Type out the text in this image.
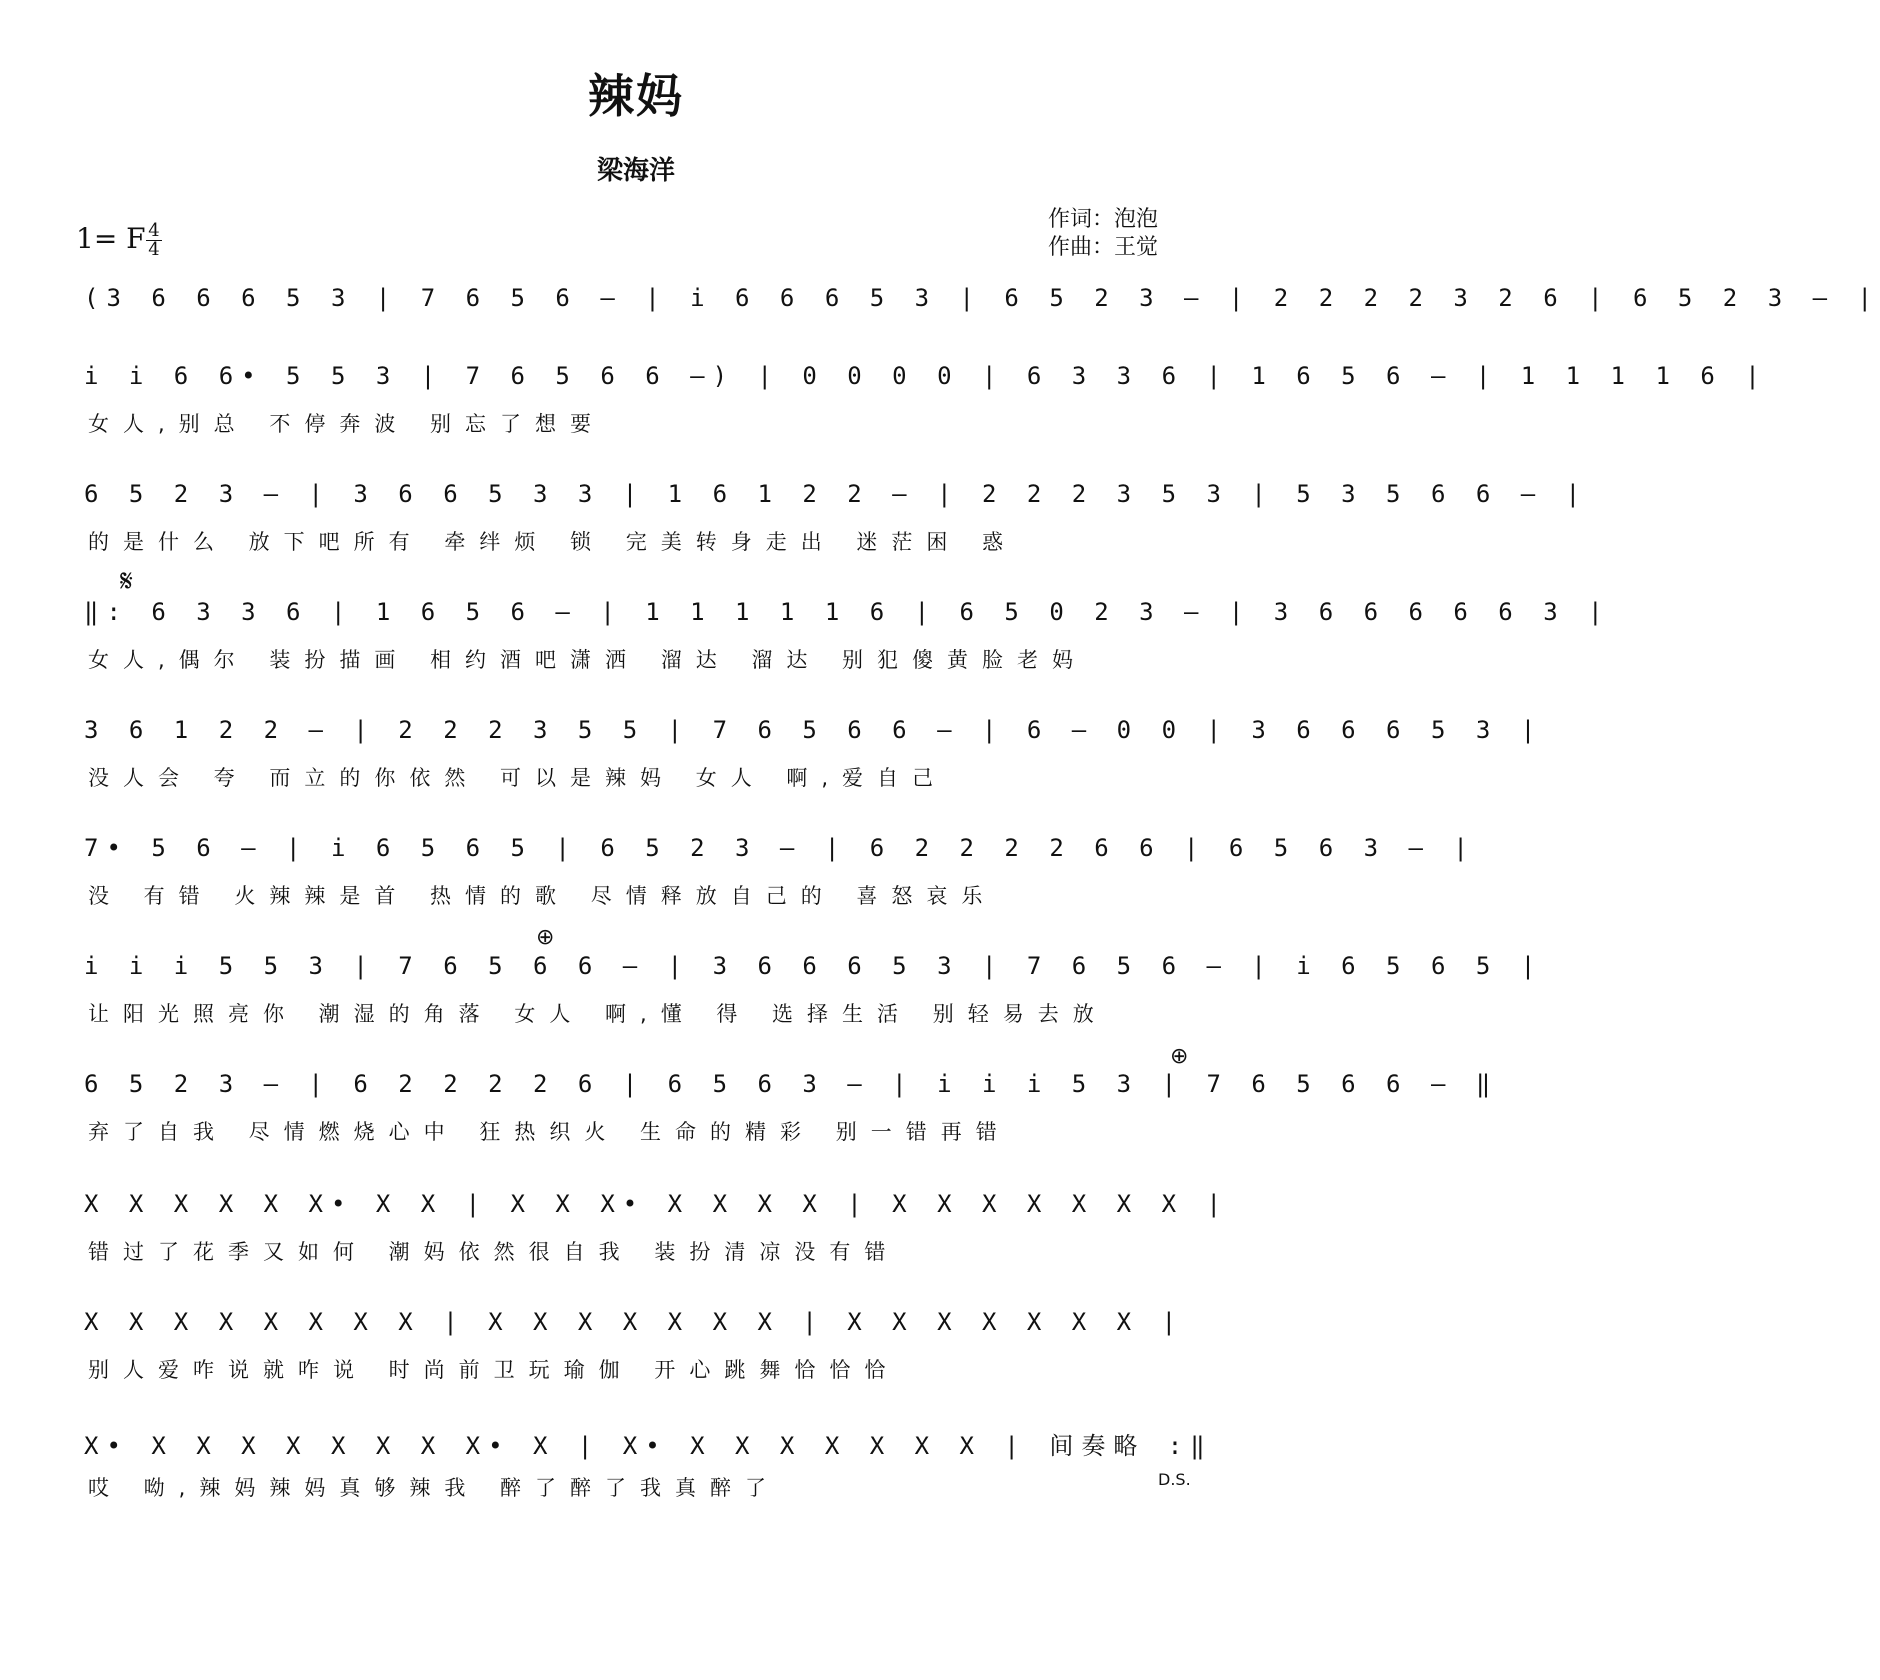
辣妈
梁海洋
作词：泡泡
作曲：王觉
1= F $\frac{4}{4}$
(3 6 6 6 5 3 | 7 6 5 6 – | i 6 6 6 5 3 | 6 5 2 3 – | 2 2 2 2 3 2 6 | 6 5 2 3 – |
i i 6 6• 5 5 3 | 7 6 5 6 6 –) | 0 0 0 0 | 6 3 3 6 | 1 6 5 6 – | 1 1 1 1 6 |
女人,别总 不停奔波 别忘了想要
6 5 2 3 – | 3 6 6 5 3 3 | 1 6 1 2 2 – | 2 2 2 3 5 3 | 5 3 5 6 6 – |
的是什么 放下吧所有 牵绊烦 锁 完美转身走出 迷茫困 惑
𝄋
‖: 6 3 3 6 | 1 6 5 6 – | 1 1 1 1 1 6 | 6 5 0 2 3 – | 3 6 6 6 6 6 3 |
女人,偶尔 装扮描画 相约酒吧潇洒 溜达 溜达 别犯傻黄脸老妈
3 6 1 2 2 – | 2 2 2 3 5 5 | 7 6 5 6 6 – | 6 – 0 0 | 3 6 6 6 5 3 |
没人会 夸 而立的你依然 可以是辣妈 女人 啊,爱自己
7• 5 6 – | i 6 5 6 5 | 6 5 2 3 – | 6 2 2 2 2 6 6 | 6 5 6 3 – |
没 有错 火辣辣是首 热情的歌 尽情释放自己的 喜怒哀乐
⊕
i i i 5 5 3 | 7 6 5 6 6 – | 3 6 6 6 5 3 | 7 6 5 6 – | i 6 5 6 5 |
让阳光照亮你 潮湿的角落 女人 啊,懂 得 选择生活 别轻易去放
⊕
6 5 2 3 – | 6 2 2 2 2 6 | 6 5 6 3 – | i i i 5 3 | 7 6 5 6 6 – ‖
弃了自我 尽情燃烧心中 狂热织火 生命的精彩 别一错再错
X X X X X X• X X | X X X• X X X X | X X X X X X X |
错过了花季又如何 潮妈依然很自我 装扮清凉没有错
X X X X X X X X | X X X X X X X | X X X X X X X |
别人爱咋说就咋说 时尚前卫玩瑜伽 开心跳舞恰恰恰
X• X X X X X X X X• X | X• X X X X X X X | 间奏略 :‖
哎 呦,辣妈辣妈真够辣我 醉了醉了我真醉了	D.S.
